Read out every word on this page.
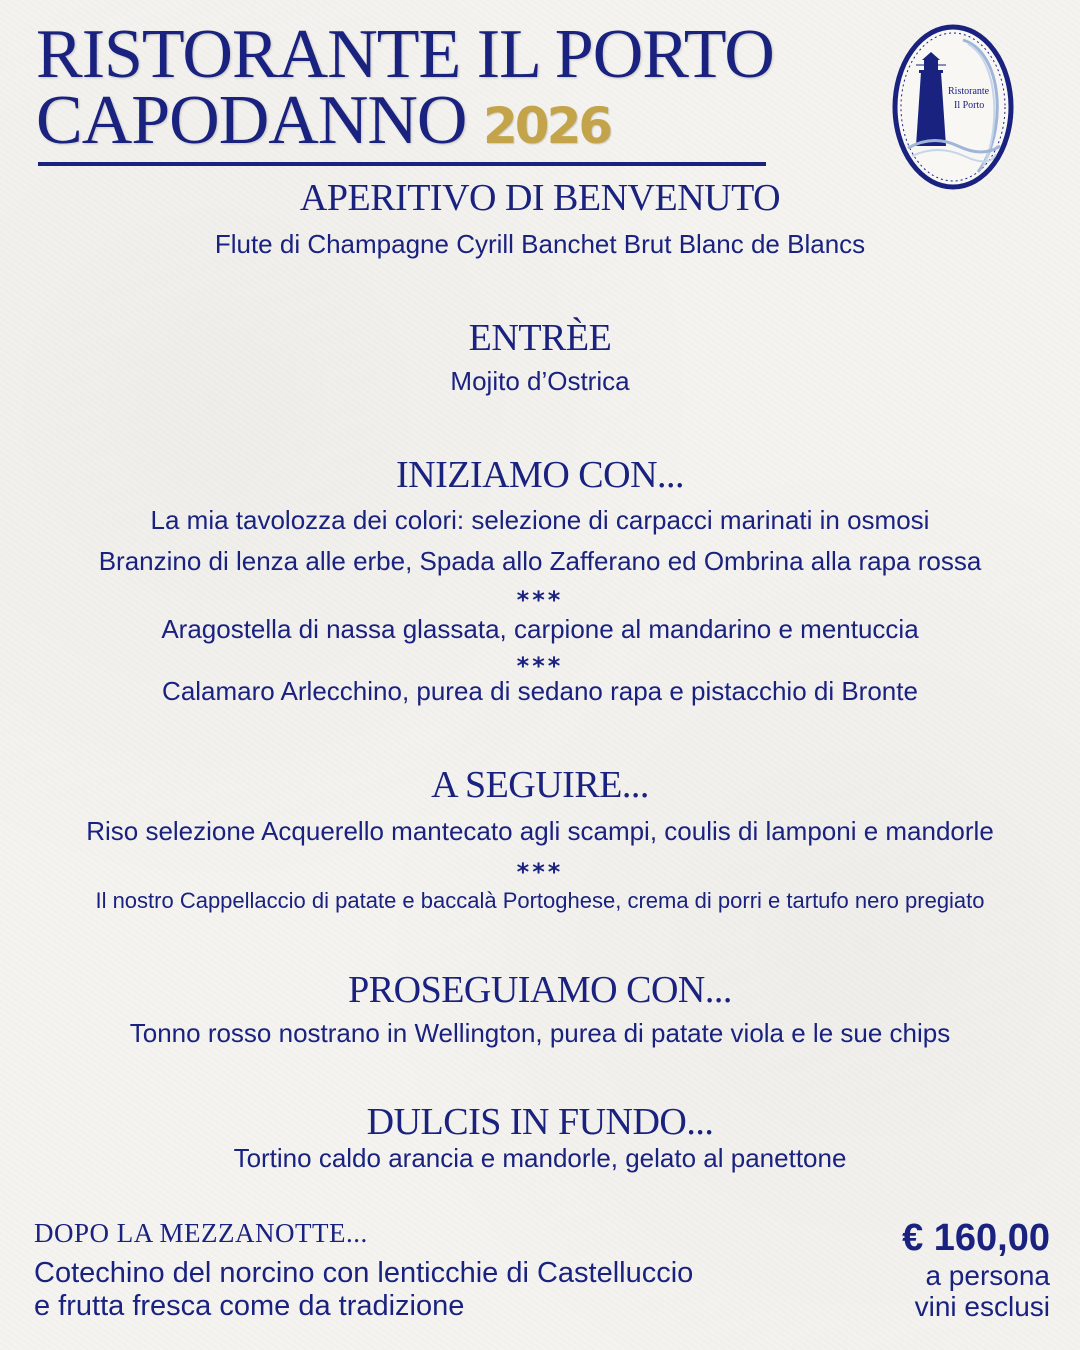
RISTORANTE IL PORTO
CAPODANNO 2026
Ristorante
Il Porto
APERITIVO DI BENVENUTO
Flute di Champagne Cyrill Banchet Brut Blanc de Blancs
ENTRÈE
Mojito d’Ostrica
INIZIAMO CON...
La mia tavolozza dei colori: selezione di carpacci marinati in osmosi
Branzino di lenza alle erbe, Spada allo Zafferano ed Ombrina alla rapa rossa
***
Aragostella di nassa glassata, carpione al mandarino e mentuccia
***
Calamaro Arlecchino, purea di sedano rapa e pistacchio di Bronte
A SEGUIRE...
Riso selezione Acquerello mantecato agli scampi, coulis di lamponi e mandorle
***
Il nostro Cappellaccio di patate e baccalà Portoghese, crema di porri e tartufo nero pregiato
PROSEGUIAMO CON...
Tonno rosso nostrano in Wellington, purea di patate viola e le sue chips
DULCIS IN FUNDO...
Tortino caldo arancia e mandorle, gelato al panettone
DOPO LA MEZZANOTTE...
Cotechino del norcino con lenticchie di Castelluccio
e frutta fresca come da tradizione
€ 160,00
a persona
vini esclusi
